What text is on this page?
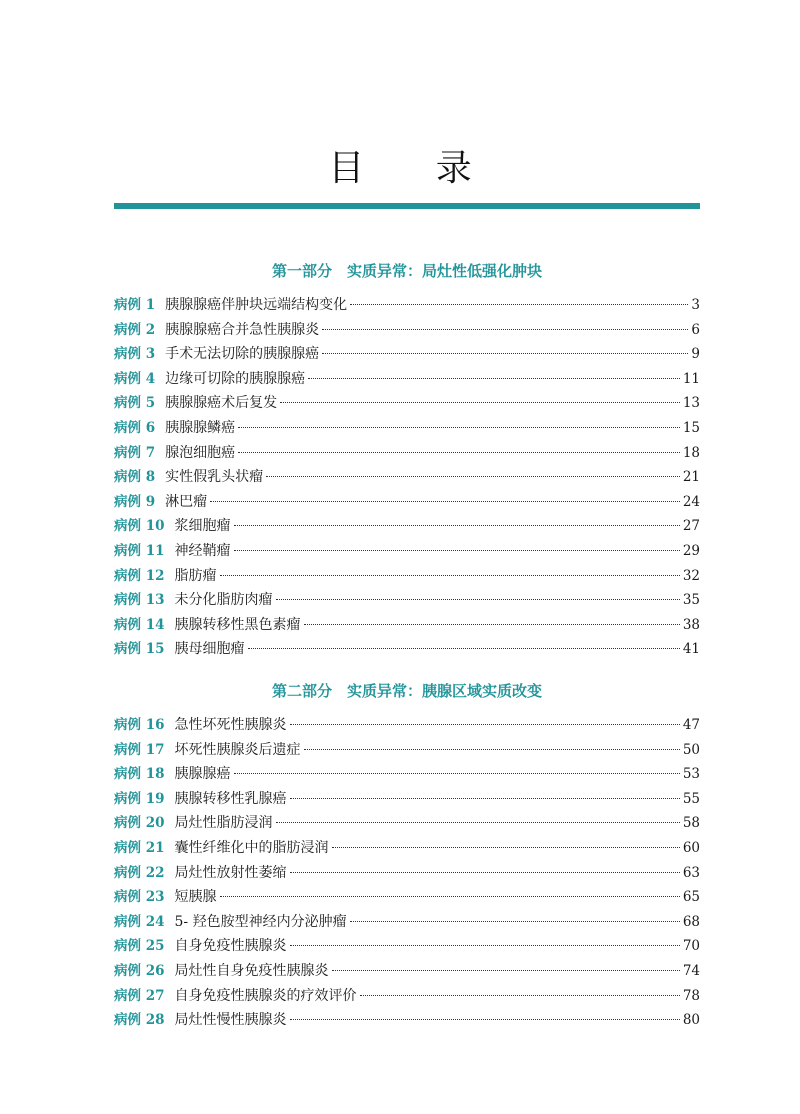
目 录
第一部分　实质异常：局灶性低强化肿块
病例 1 胰腺腺癌伴肿块远端结构变化	3
病例 2 胰腺腺癌合并急性胰腺炎	6
病例 3 手术无法切除的胰腺腺癌	9
病例 4 边缘可切除的胰腺腺癌	11
病例 5 胰腺腺癌术后复发	13
病例 6 胰腺腺鳞癌	15
病例 7 腺泡细胞癌	18
病例 8 实性假乳头状瘤	21
病例 9 淋巴瘤	24
病例 10 浆细胞瘤	27
病例 11 神经鞘瘤	29
病例 12 脂肪瘤	32
病例 13 未分化脂肪肉瘤	35
病例 14 胰腺转移性黑色素瘤	38
病例 15 胰母细胞瘤	41
第二部分　实质异常：胰腺区域实质改变
病例 16 急性坏死性胰腺炎	47
病例 17 坏死性胰腺炎后遗症	50
病例 18 胰腺腺癌	53
病例 19 胰腺转移性乳腺癌	55
病例 20 局灶性脂肪浸润	58
病例 21 囊性纤维化中的脂肪浸润	60
病例 22 局灶性放射性萎缩	63
病例 23 短胰腺	65
病例 24 5- 羟色胺型神经内分泌肿瘤	68
病例 25 自身免疫性胰腺炎	70
病例 26 局灶性自身免疫性胰腺炎	74
病例 27 自身免疫性胰腺炎的疗效评价	78
病例 28 局灶性慢性胰腺炎	80
